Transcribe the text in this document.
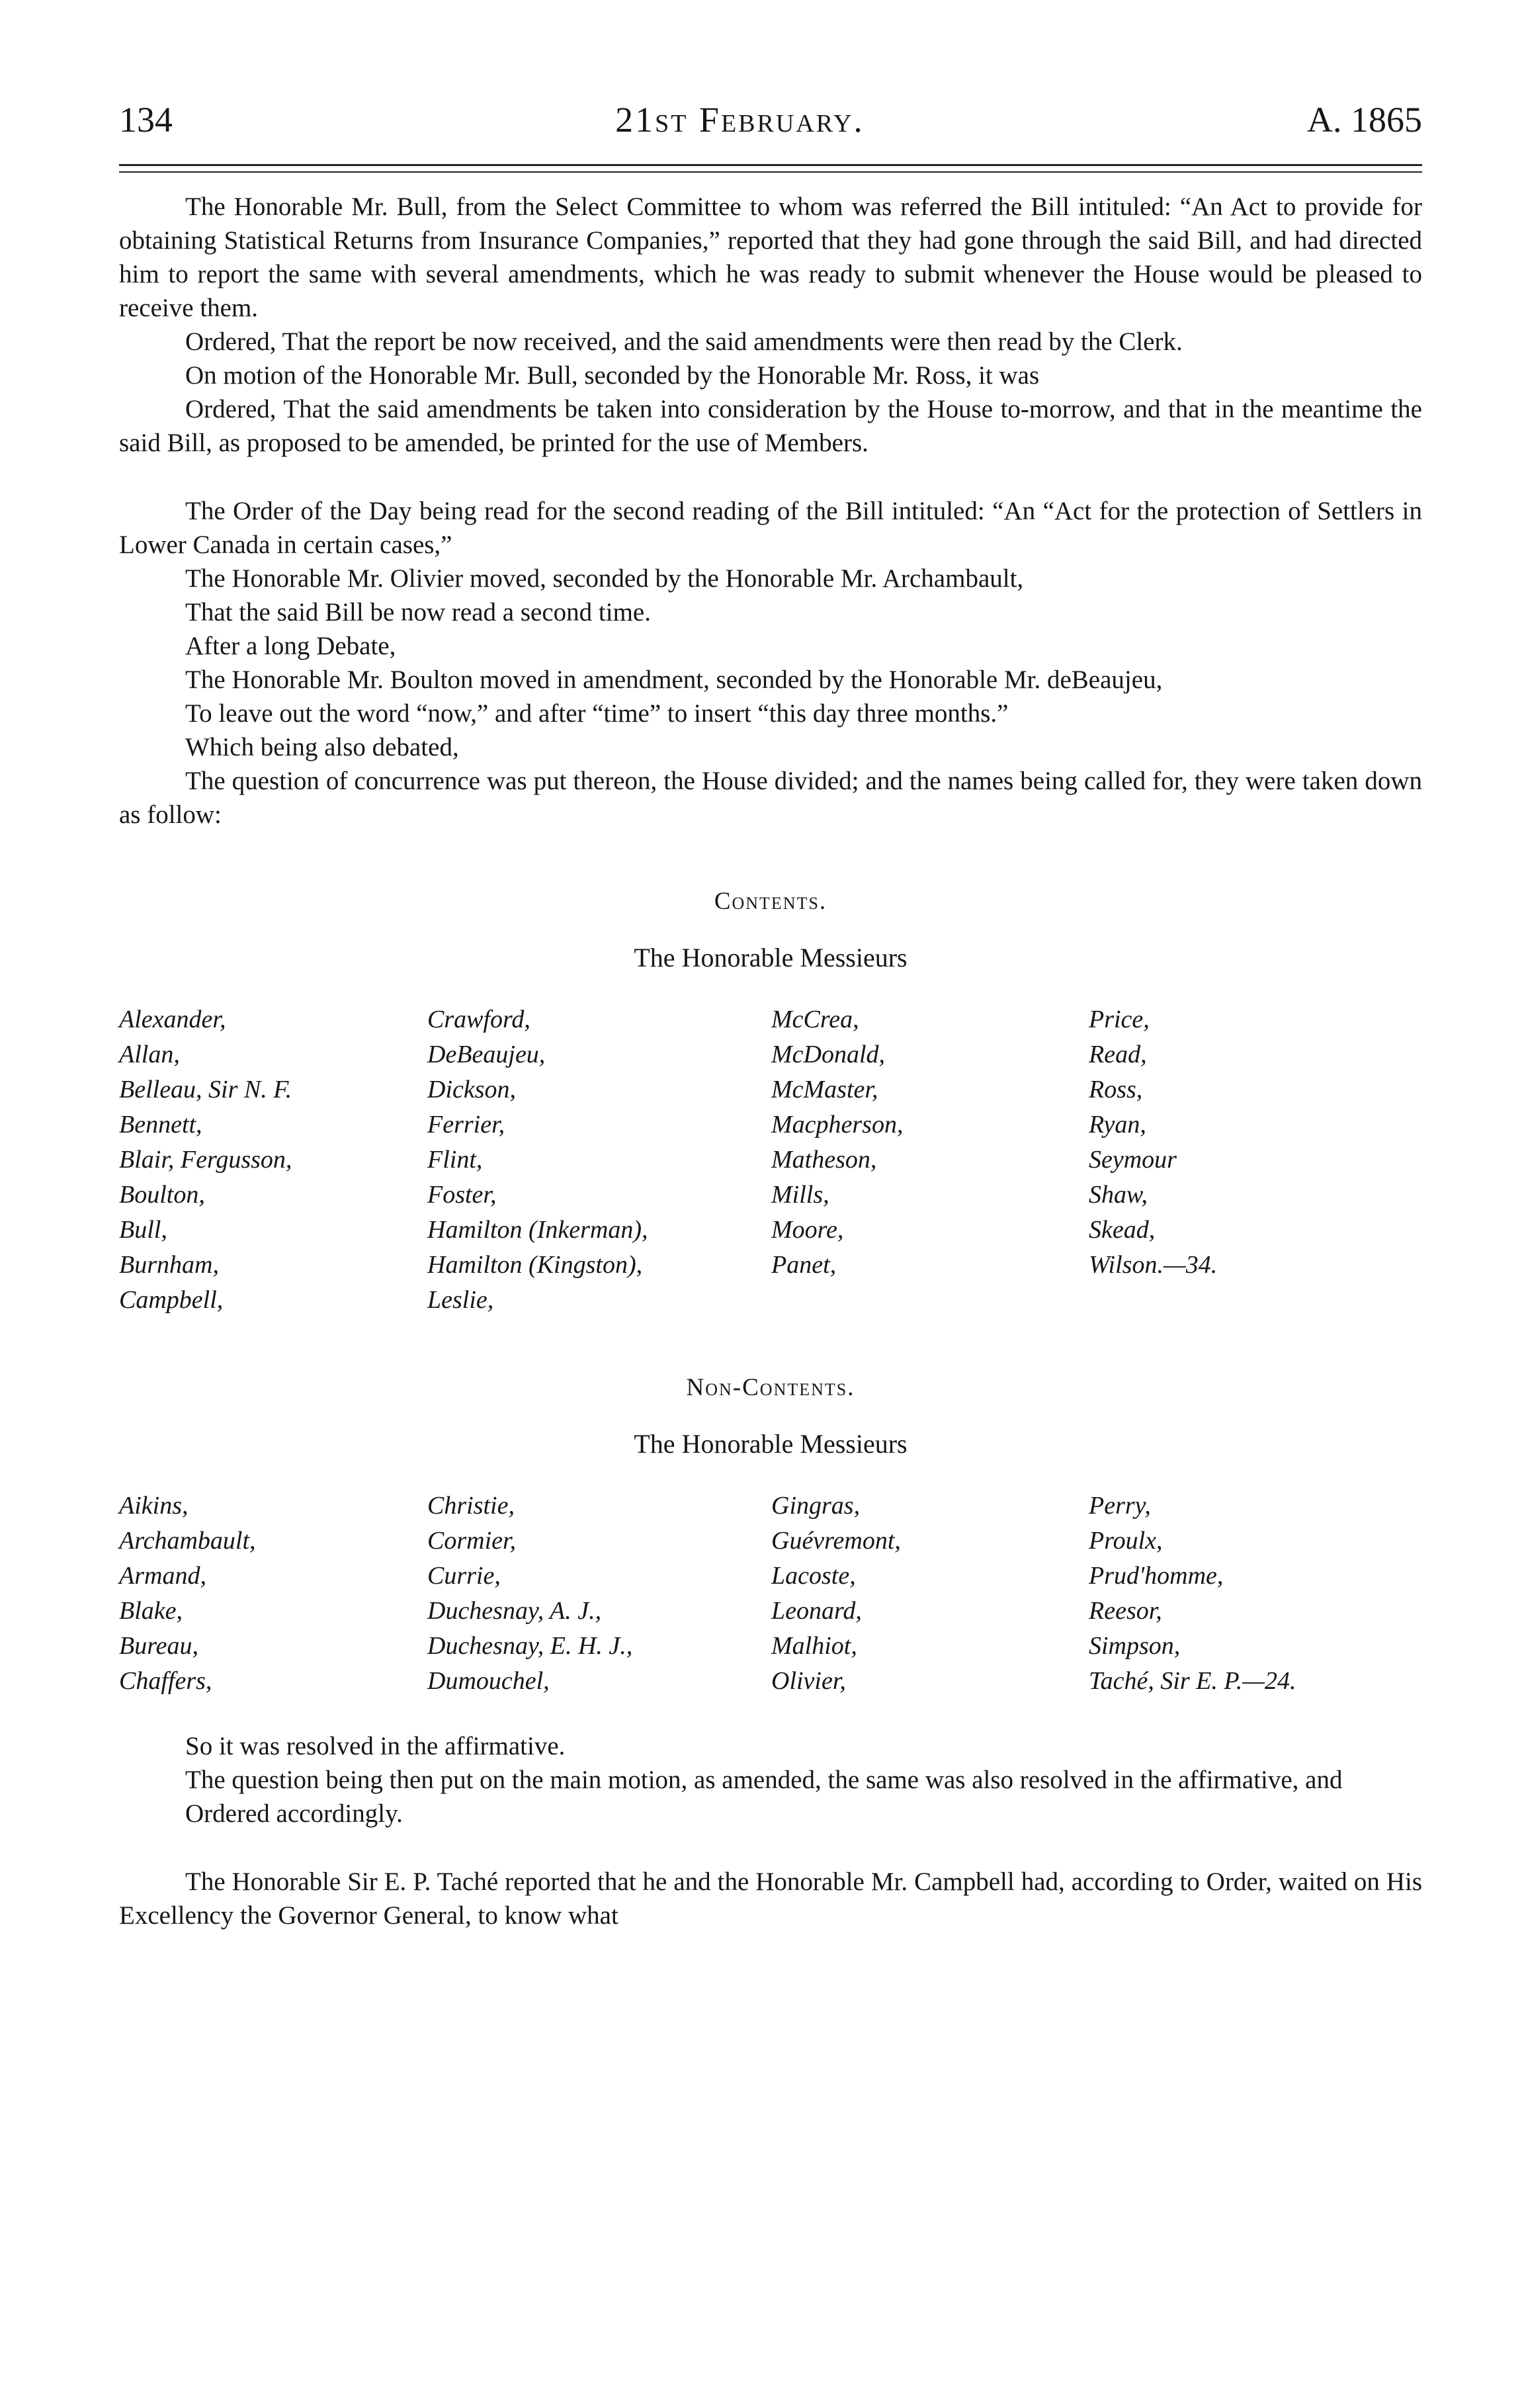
134	21st February.	A. 1865

The Honorable Mr. Bull, from the Select Committee to whom was referred the Bill intituled: “An Act to provide for obtaining Statistical Returns from Insurance Companies,” reported that they had gone through the said Bill, and had directed him to report the same with several amendments, which he was ready to submit whenever the House would be pleased to receive them.

Ordered, That the report be now received, and the said amendments were then read by the Clerk.

On motion of the Honorable Mr. Bull, seconded by the Honorable Mr. Ross, it was

Ordered, That the said amendments be taken into consideration by the House to-morrow, and that in the meantime the said Bill, as proposed to be amended, be printed for the use of Members.

The Order of the Day being read for the second reading of the Bill intituled: “An “Act for the protection of Settlers in Lower Canada in certain cases,”

The Honorable Mr. Olivier moved, seconded by the Honorable Mr. Archambault,

That the said Bill be now read a second time.

After a long Debate,

The Honorable Mr. Boulton moved in amendment, seconded by the Honorable Mr. deBeaujeu,

To leave out the word “now,” and after “time” to insert “this day three months.”

Which being also debated,

The question of concurrence was put thereon, the House divided; and the names being called for, they were taken down as follow:

Contents.
The Honorable Messieurs
Alexander,
Allan,
Belleau, Sir N. F.
Bennett,
Blair, Fergusson,
Boulton,
Bull,
Burnham,
Campbell,
Crawford,
DeBeaujeu,
Dickson,
Ferrier,
Flint,
Foster,
Hamilton (Inkerman),
Hamilton (Kingston),
Leslie,
McCrea,
McDonald,
McMaster,
Macpherson,
Matheson,
Mills,
Moore,
Panet,
Price,
Read,
Ross,
Ryan,
Seymour
Shaw,
Skead,
Wilson.—34.
Non-Contents.
The Honorable Messieurs
Aikins,
Archambault,
Armand,
Blake,
Bureau,
Chaffers,
Christie,
Cormier,
Currie,
Duchesnay, A. J.,
Duchesnay, E. H. J.,
Dumouchel,
Gingras,
Guévremont,
Lacoste,
Leonard,
Malhiot,
Olivier,
Perry,
Proulx,
Prud'homme,
Reesor,
Simpson,
Taché, Sir E. P.—24.

So it was resolved in the affirmative.

The question being then put on the main motion, as amended, the same was also resolved in the affirmative, and

Ordered accordingly.

The Honorable Sir E. P. Taché reported that he and the Honorable Mr. Campbell had, according to Order, waited on His Excellency the Governor General, to know what
